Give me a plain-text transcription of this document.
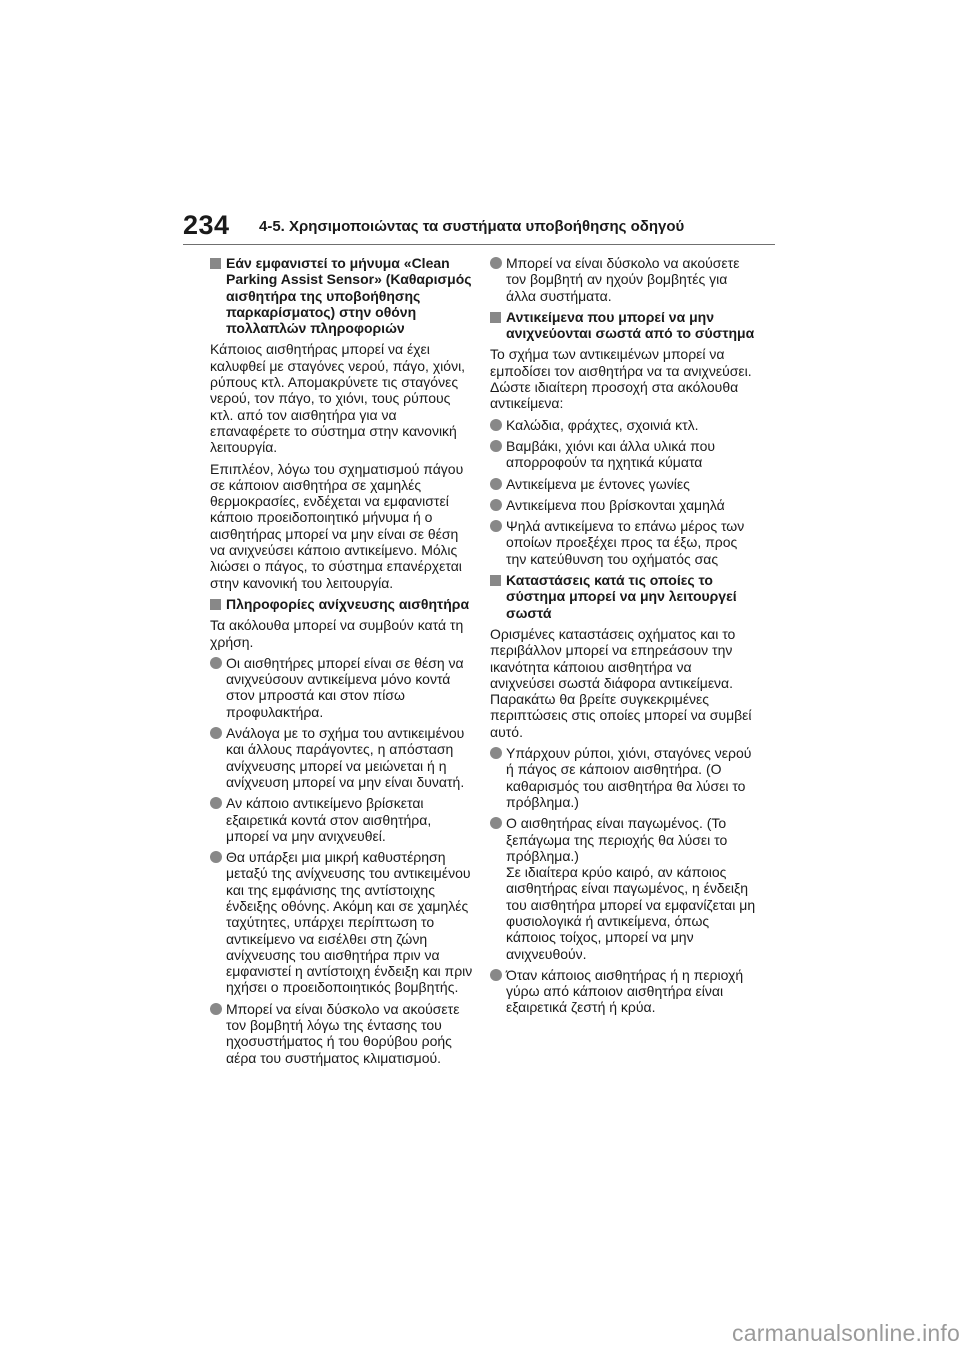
234 4-5. Χρησιμοποιώντας τα συστήματα υποβοήθησης οδηγού
Εάν εμφανιστεί το μήνυμα «Clean Parking Assist Sensor» (Καθαρισμός αισθητήρα της υποβοήθησης παρκαρίσματος) στην οθόνη πολλαπλών πληροφοριών

Κάποιος αισθητήρας μπορεί να έχει καλυφθεί με σταγόνες νερού, πάγο, χιόνι, ρύπους κτλ. Απομακρύνετε τις σταγόνες νερού, τον πάγο, το χιόνι, τους ρύπους κτλ. από τον αισθητήρα για να επαναφέρετε το σύστημα στην κανονική λειτουργία.

Επιπλέον, λόγω του σχηματισμού πάγου σε κάποιον αισθητήρα σε χαμηλές θερμοκρασίες, ενδέχεται να εμφανιστεί κάποιο προειδοποιητικό μήνυμα ή ο αισθητήρας μπορεί να μην είναι σε θέση να ανιχνεύσει κάποιο αντικείμενο. Μόλις λιώσει ο πάγος, το σύστημα επανέρχεται στην κανονική του λειτουργία.

Πληροφορίες ανίχνευσης αισθητήρα

Τα ακόλουθα μπορεί να συμβούν κατά τη χρήση.

Οι αισθητήρες μπορεί είναι σε θέση να ανιχνεύσουν αντικείμενα μόνο κοντά στον μπροστά και στον πίσω προφυλακτήρα.
Ανάλογα με το σχήμα του αντικειμένου και άλλους παράγοντες, η απόσταση ανίχνευσης μπορεί να μειώνεται ή η ανίχνευση μπορεί να μην είναι δυνατή.
Αν κάποιο αντικείμενο βρίσκεται εξαιρετικά κοντά στον αισθητήρα, μπορεί να μην ανιχνευθεί.
Θα υπάρξει μια μικρή καθυστέρηση μεταξύ της ανίχνευσης του αντικειμένου και της εμφάνισης της αντίστοιχης ένδειξης οθόνης. Ακόμη και σε χαμηλές ταχύτητες, υπάρχει περίπτωση το αντικείμενο να εισέλθει στη ζώνη ανίχνευσης του αισθητήρα πριν να εμφανιστεί η αντίστοιχη ένδειξη και πριν ηχήσει ο προειδοποιητικός βομβητής.
Μπορεί να είναι δύσκολο να ακούσετε τον βομβητή λόγω της έντασης του ηχοσυστήματος ή του θορύβου ροής αέρα του συστήματος κλιματισμού.
Μπορεί να είναι δύσκολο να ακούσετε τον βομβητή αν ηχούν βομβητές για άλλα συστήματα.
Αντικείμενα που μπορεί να μην ανιχνεύονται σωστά από το σύστημα

Το σχήμα των αντικειμένων μπορεί να εμποδίσει τον αισθητήρα να τα ανιχνεύσει. Δώστε ιδιαίτερη προσοχή στα ακόλουθα αντικείμενα:

Καλώδια, φράχτες, σχοινιά κτλ.
Βαμβάκι, χιόνι και άλλα υλικά που απορροφούν τα ηχητικά κύματα
Αντικείμενα με έντονες γωνίες
Αντικείμενα που βρίσκονται χαμηλά
Ψηλά αντικείμενα το επάνω μέρος των οποίων προεξέχει προς τα έξω, προς την κατεύθυνση του οχήματός σας
Καταστάσεις κατά τις οποίες το σύστημα μπορεί να μην λειτουργεί σωστά

Ορισμένες καταστάσεις οχήματος και το περιβάλλον μπορεί να επηρεάσουν την ικανότητα κάποιου αισθητήρα να ανιχνεύσει σωστά διάφορα αντικείμενα. Παρακάτω θα βρείτε συγκεκριμένες περιπτώσεις στις οποίες μπορεί να συμβεί αυτό.

Υπάρχουν ρύποι, χιόνι, σταγόνες νερού ή πάγος σε κάποιον αισθητήρα. (Ο καθαρισμός του αισθητήρα θα λύσει το πρόβλημα.)
Ο αισθητήρας είναι παγωμένος. (Το ξεπάγωμα της περιοχής θα λύσει το πρόβλημα.)
Σε ιδιαίτερα κρύο καιρό, αν κάποιος αισθητήρας είναι παγωμένος, η ένδειξη του αισθητήρα μπορεί να εμφανίζεται μη φυσιολογικά ή αντικείμενα, όπως κάποιος τοίχος, μπορεί να μην ανιχνευθούν.
Όταν κάποιος αισθητήρας ή η περιοχή γύρω από κάποιον αισθητήρα είναι εξαιρετικά ζεστή ή κρύα.
carmanualsonline.info
